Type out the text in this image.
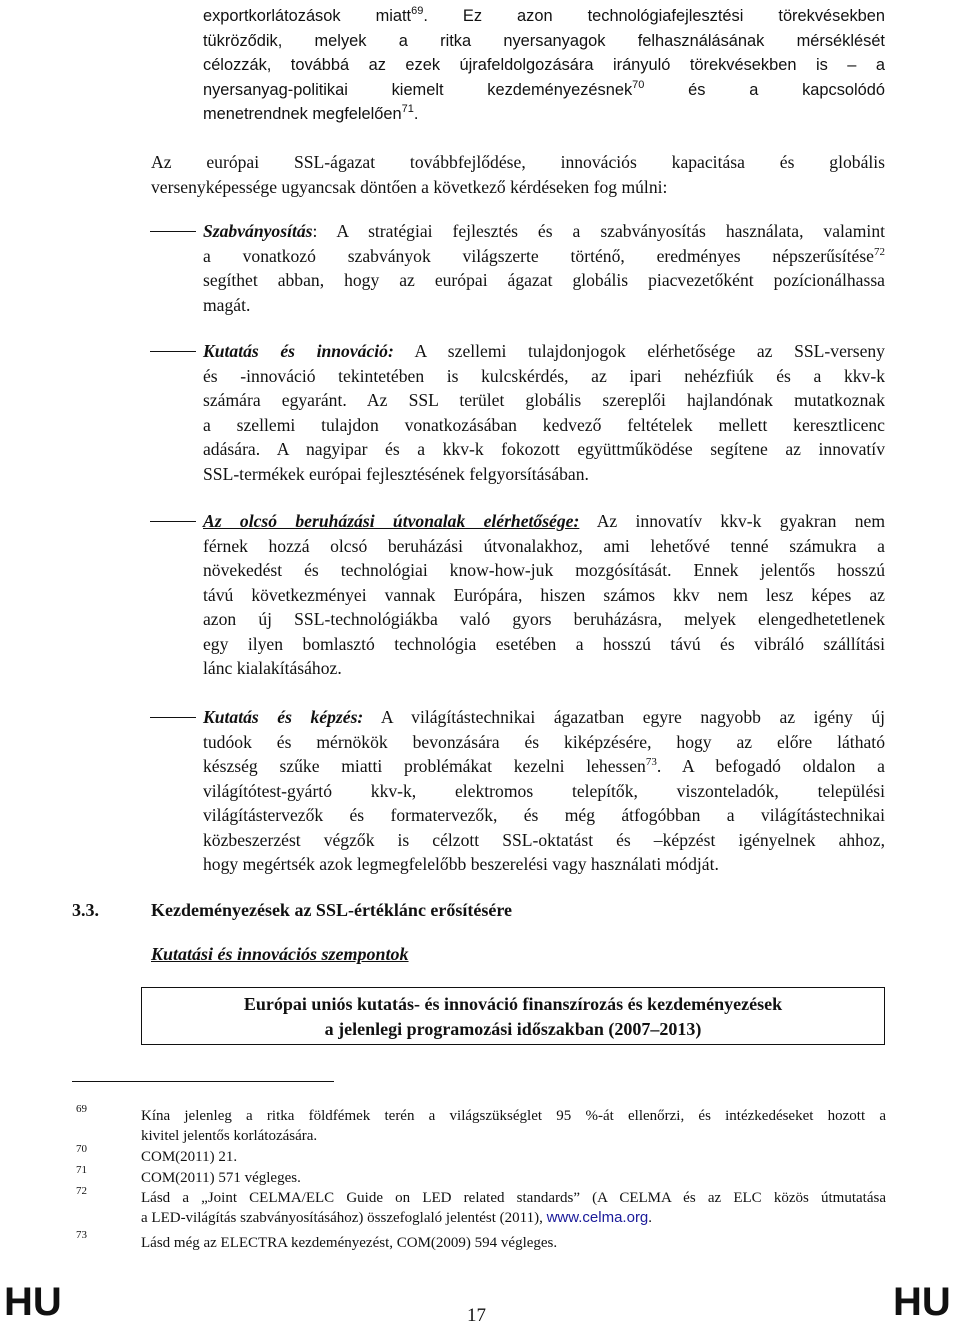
exportkorlátozások miatt$^{69}$. Ez azon technológiafejlesztési törekvésekben
tükröződik, melyek a ritka nyersanyagok felhasználásának mérséklését
célozzák, továbbá az ezek újrafeldolgozására irányuló törekvésekben is – a
nyersanyag-politikai kiemelt kezdeményezésnek$^{70}$ és a kapcsolódó
menetrendnek megfelelően$^{71}$.
Az európai SSL-ágazat továbbfejlődése, innovációs kapacitása és globális
versenyképessége ugyancsak döntően a következő kérdéseken fog múlni:
Szabványosítás: A stratégiai fejlesztés és a szabványosítás használata, valamint
a vonatkozó szabványok világszerte történő, eredményes népszerűsítése$^{72}$
segíthet abban, hogy az európai ágazat globális piacvezetőként pozícionálhassa
magát.
Kutatás és innováció: A szellemi tulajdonjogok elérhetősége az SSL-verseny
és -innováció tekintetében is kulcskérdés, az ipari nehézfiúk és a kkv-k
számára egyaránt. Az SSL terület globális szereplői hajlandónak mutatkoznak
a szellemi tulajdon vonatkozásában kedvező feltételek mellett keresztlicenc
adására. A nagyipar és a kkv-k fokozott együttműködése segítene az innovatív
SSL-termékek európai fejlesztésének felgyorsításában.
Az olcsó beruházási útvonalak elérhetősége: Az innovatív kkv-k gyakran nem
férnek hozzá olcsó beruházási útvonalakhoz, ami lehetővé tenné számukra a
növekedést és technológiai know-how-juk mozgósítását. Ennek jelentős hosszú
távú következményei vannak Európára, hiszen számos kkv nem lesz képes az
azon új SSL-technológiákba való gyors beruházásra, melyek elengedhetetlenek
egy ilyen bomlasztó technológia esetében a hosszú távú és vibráló szállítási
lánc kialakításához.
Kutatás és képzés: A világítástechnikai ágazatban egyre nagyobb az igény új
tudóok és mérnökök bevonzására és kiképzésére, hogy az előre látható
készség szűke miatti problémákat kezelni lehessen$^{73}$. A befogadó oldalon a
világítótest-gyártó kkv-k, elektromos telepítők, viszonteladók, települési
világítástervezők és formatervezők, és még átfogóbban a világítástechnikai
közbeszerzést végzők is célzott SSL-oktatást és –képzést igényelnek ahhoz,
hogy megértsék azok legmegfelelőbb beszerelési vagy használati módját.
3.3.	Kezdeményezések az SSL-értéklánc erősítésére
Kutatási és innovációs szempontok
Európai uniós kutatás- és innováció finanszírozás és kezdeményezések
a jelenlegi programozási időszakban (2007–2013)
69	Kína jelenleg a ritka földfémek terén a világszükséglet 95 %-át ellenőrzi, és intézkedéseket hozott a
kivitel jelentős korlátozására.
70	COM(2011) 21.
71	COM(2011) 571 végleges.
72	Lásd a „Joint CELMA/ELC Guide on LED related standards” (A CELMA és az ELC közös útmutatása
a LED-világítás szabványosításához) összefoglaló jelentést (2011), www.celma.org.
73	Lásd még az ELECTRA kezdeményezést, COM(2009) 594 végleges.
HU	17	HU
